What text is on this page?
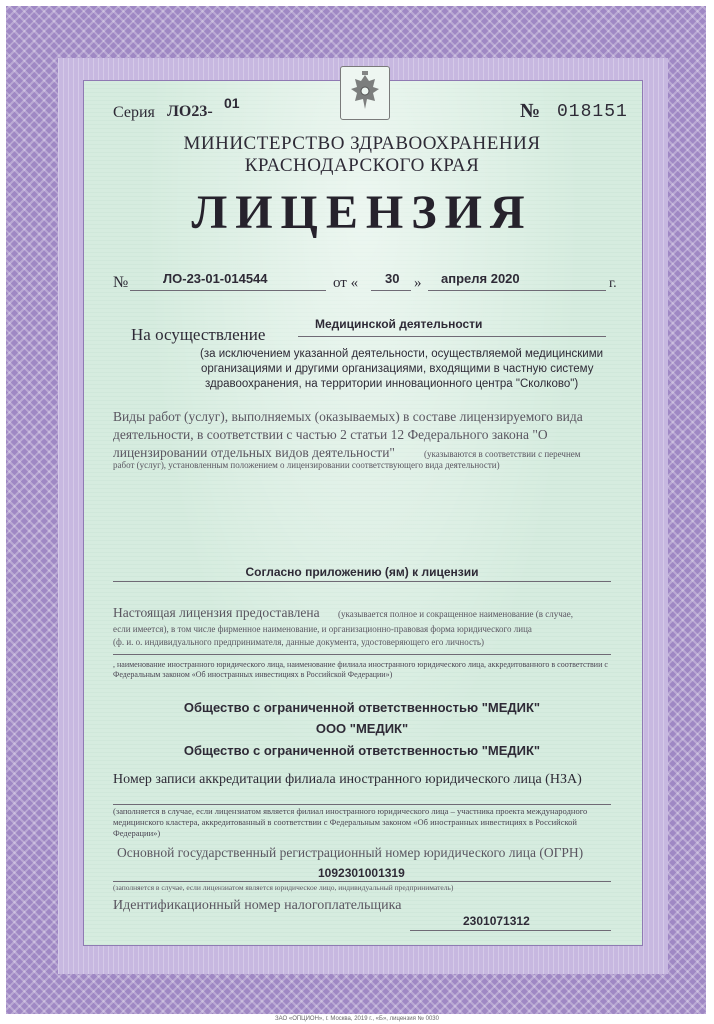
Серия ЛО23- 01	№ 018151
МИНИСТЕРСТВО ЗДРАВООХРАНЕНИЯ
КРАСНОДАРСКОГО КРАЯ
ЛИЦЕНЗИЯ
№	ЛО-23-01-014544	от « 30 » апреля 2020	г.
Медицинской деятельности
На осуществление
(за исключением указанной деятельности, осуществляемой медицинскими
организациями и другими организациями, входящими в частную систему
здравоохранения, на территории инновационного центра "Сколково")
Виды работ (услуг), выполняемых (оказываемых) в составе лицензируемого вида
деятельности, в соответствии с частью 2 статьи 12 Федерального закона "О
лицензировании отдельных видов деятельности"	(указываются в соответствии с перечнем
работ (услуг), установленным положением о лицензировании соответствующего вида деятельности)
Согласно приложению (ям) к лицензии
Настоящая лицензия предоставлена (указывается полное и сокращенное наименование (в случае,
если имеется), в том числе фирменное наименование, и организационно-правовая форма юридического лица
(ф. и. о. индивидуального предпринимателя, данные документа, удостоверяющего его личность)
, наименование иностранного юридического лица, наименование филиала иностранного юридического лица, аккредитованного в соответствии с Федеральным законом «Об иностранных инвестициях в Российской Федерации»)
Общество с ограниченной ответственностью "МЕДИК"
ООО "МЕДИК"
Общество с ограниченной ответственностью "МЕДИК"
Номер записи аккредитации филиала иностранного юридического лица (НЗА)
(заполняется в случае, если лицензиатом является филиал иностранного юридического лица – участника проекта международного медицинского кластера, аккредитованный в соответствии с Федеральным законом «Об иностранных инвестициях в Российской Федерации»)
Основной государственный регистрационный номер юридического лица (ОГРН)
1092301001319
(заполняется в случае, если лицензиатом является юридическое лицо, индивидуальный предприниматель)
Идентификационный номер налогоплательщика
2301071312
ЗАО «ОПЦИОН», г. Москва, 2019 г., «Б», лицензия № 0030
